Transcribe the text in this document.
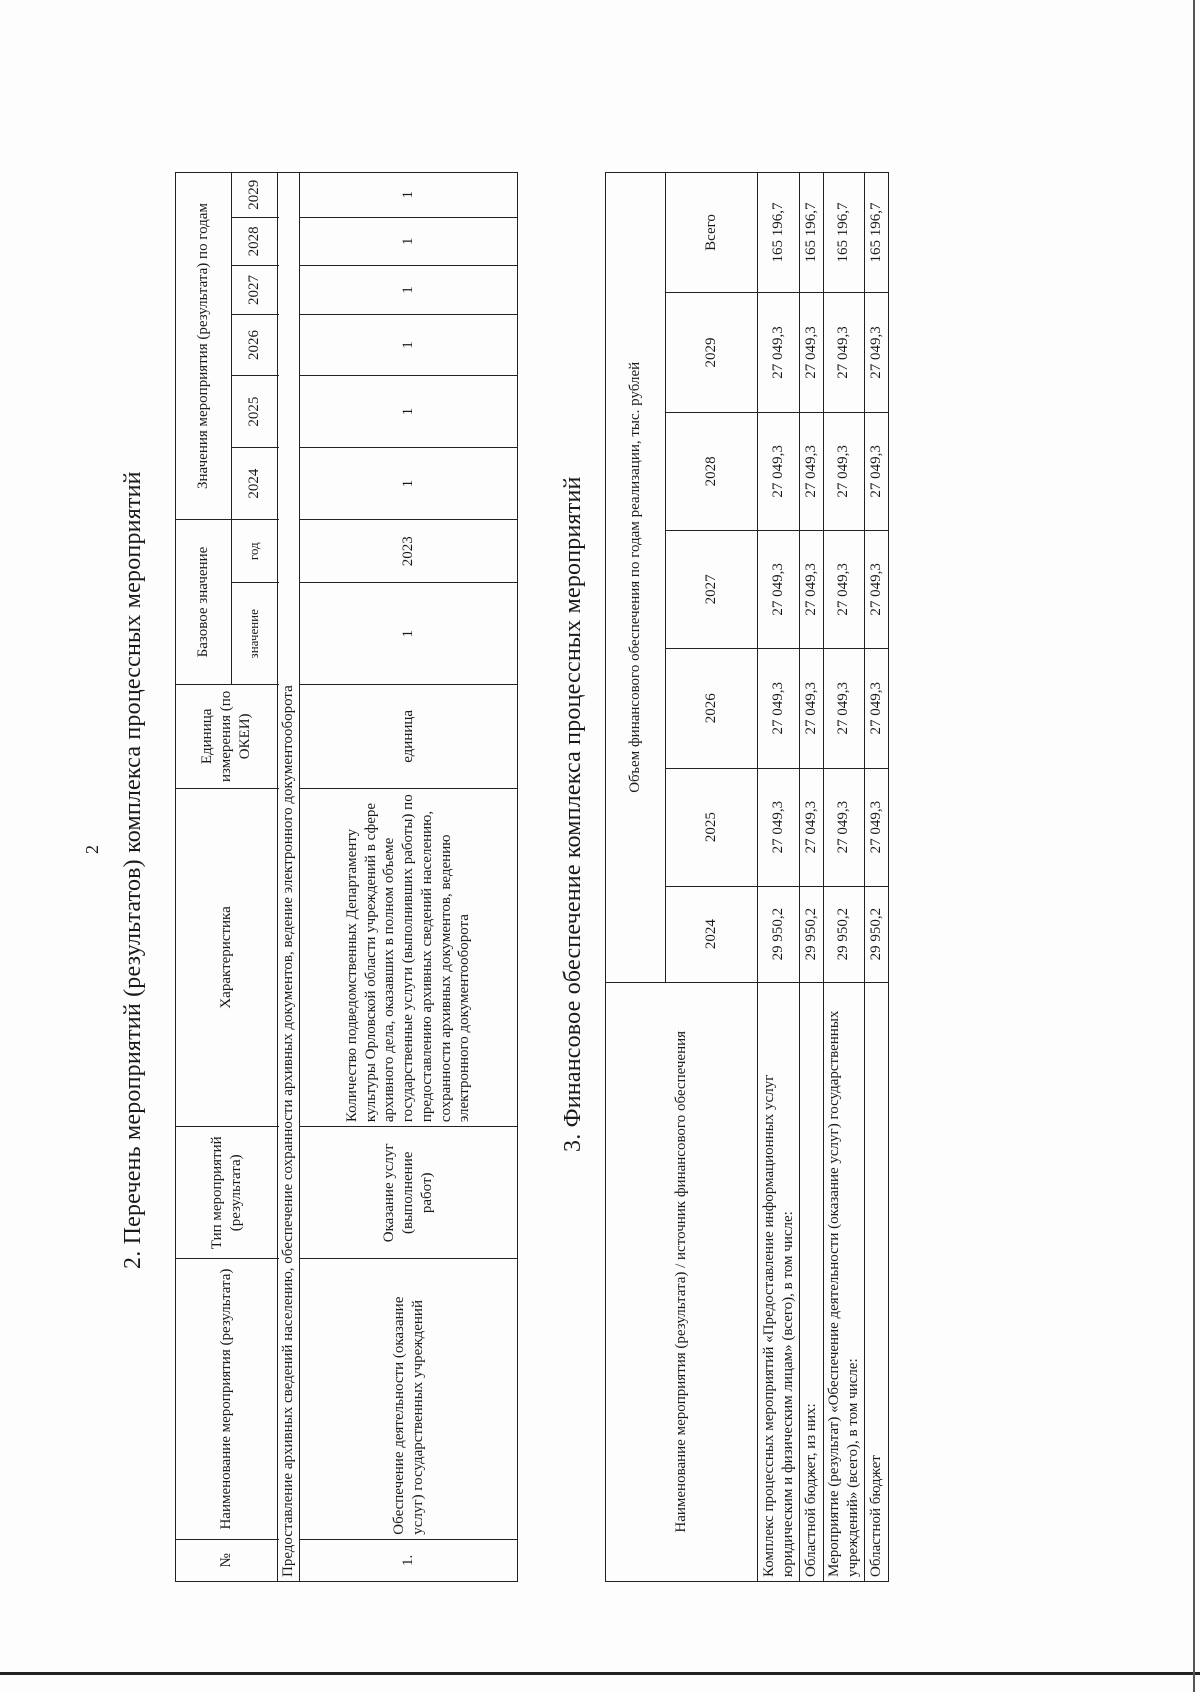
2 2. Перечень мероприятий (результатов) комплекса процессных мероприятий
№	Наименование мероприятия (результата)	Тип мероприятий (результата)	Характеристика	Единица измерения (по ОКЕИ)	Базовое значение		Значения мероприятия (результата) по годам					
					значение	год	2024	2025	2026	2027	2028	2029

Предоставление архивных сведений населению, обеспечение сохранности архивных документов, ведение электронного документооборота												
1.	Обеспечение деятельности (оказание услуг) государственных учреждений	Оказание услуг (выполнение работ)	Количество подведомственных Департаменту культуры Орловской области учреждений в сфере архивного дела, оказавших в полном объеме государственные услуги (выполнивших работы) по предоставлению архивных сведений населению, сохранности архивных документов, ведению электронного документооборота	единица	1	2023	1	1	1	1	1	1
3. Финансовое обеспечение комплекса процессных мероприятий
Наименование мероприятия (результата) / источник финансового обеспечения	Объем финансового обеспечения по годам реализации, тыс. рублей						
	2024	2025	2026	2027	2028	2029	Всего
Комплекс процессных мероприятий «Предоставление информационных услуг юридическим и физическим лицам» (всего), в том числе:	29 950,2	27 049,3	27 049,3	27 049,3	27 049,3	27 049,3	165 196,7
Областной бюджет, из них:	29 950,2	27 049,3	27 049,3	27 049,3	27 049,3	27 049,3	165 196,7
Мероприятие (результат) «Обеспечение деятельности (оказание услуг) государственных учреждений» (всего), в том числе:	29 950,2	27 049,3	27 049,3	27 049,3	27 049,3	27 049,3	165 196,7
Областной бюджет	29 950,2	27 049,3	27 049,3	27 049,3	27 049,3	27 049,3	165 196,7
